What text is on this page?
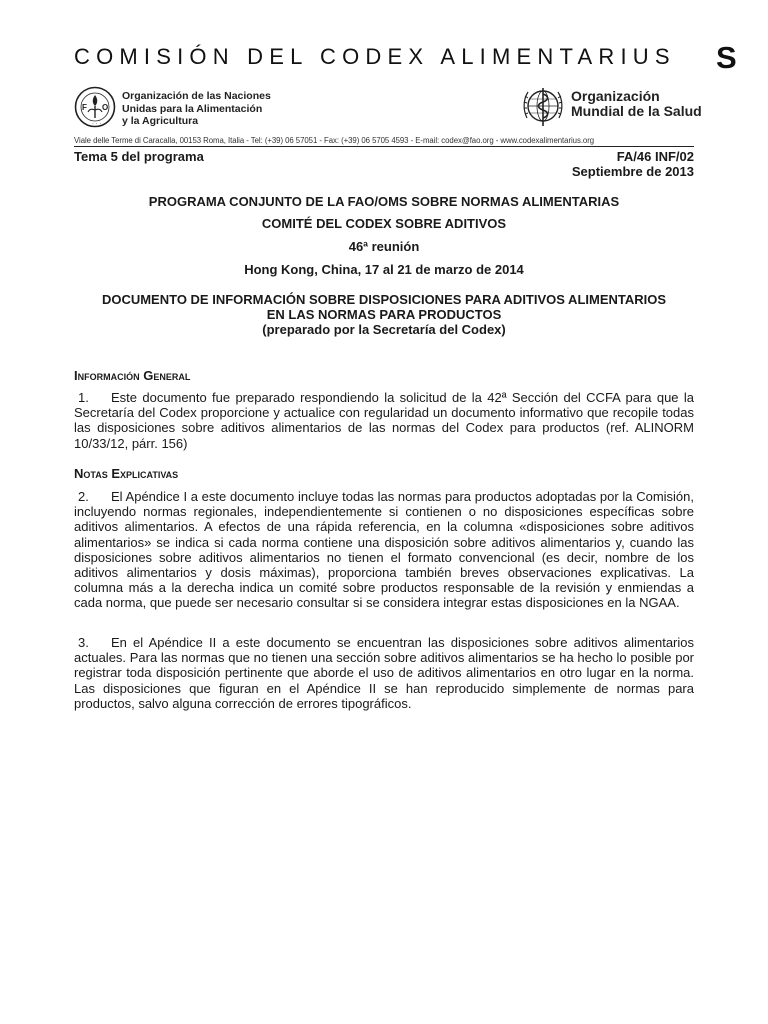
COMISIÓN DEL CODEX ALIMENTARIUS S
F O
· · ·
Organización de las Naciones
Unidas para la Alimentación
y la Agricultura
Organización
Mundial de la Salud
Viale delle Terme di Caracalla, 00153 Roma, Italia - Tel: (+39) 06 57051 - Fax: (+39) 06 5705 4593 - E-mail: codex@fao.org - www.codexalimentarius.org
Tema 5 del programa	FA/46 INF/02
Septiembre de 2013
PROGRAMA CONJUNTO DE LA FAO/OMS SOBRE NORMAS ALIMENTARIAS
COMITÉ DEL CODEX SOBRE ADITIVOS
46ª reunión
Hong Kong, China, 17 al 21 de marzo de 2014
DOCUMENTO DE INFORMACIÓN SOBRE DISPOSICIONES PARA ADITIVOS ALIMENTARIOS
EN LAS NORMAS PARA PRODUCTOS
(preparado por la Secretaría del Codex)
Información General
1. Este documento fue preparado respondiendo la solicitud de la 42ª Sección del CCFA para que la Secretaría del Codex proporcione y actualice con regularidad un documento informativo que recopile todas las disposiciones sobre aditivos alimentarios de las normas del Codex para productos (ref. ALINORM 10/33/12, párr. 156)
Notas Explicativas
2. El Apéndice I a este documento incluye todas las normas para productos adoptadas por la Comisión, incluyendo normas regionales, independientemente si contienen o no disposiciones específicas sobre aditivos alimentarios. A efectos de una rápida referencia, en la columna «disposiciones sobre aditivos alimentarios» se indica si cada norma contiene una disposición sobre aditivos alimentarios y, cuando las disposiciones sobre aditivos alimentarios no tienen el formato convencional (es decir, nombre de los aditivos alimentarios y dosis máximas), proporciona también breves observaciones explicativas. La columna más a la derecha indica un comité sobre productos responsable de la revisión y enmiendas a cada norma, que puede ser necesario consultar si se considera integrar estas disposiciones en la NGAA.
3. En el Apéndice II a este documento se encuentran las disposiciones sobre aditivos alimentarios actuales. Para las normas que no tienen una sección sobre aditivos alimentarios se ha hecho lo posible por registrar toda disposición pertinente que aborde el uso de aditivos alimentarios en otro lugar en la norma. Las disposiciones que figuran en el Apéndice II se han reproducido simplemente de normas para productos, salvo alguna corrección de errores tipográficos.
